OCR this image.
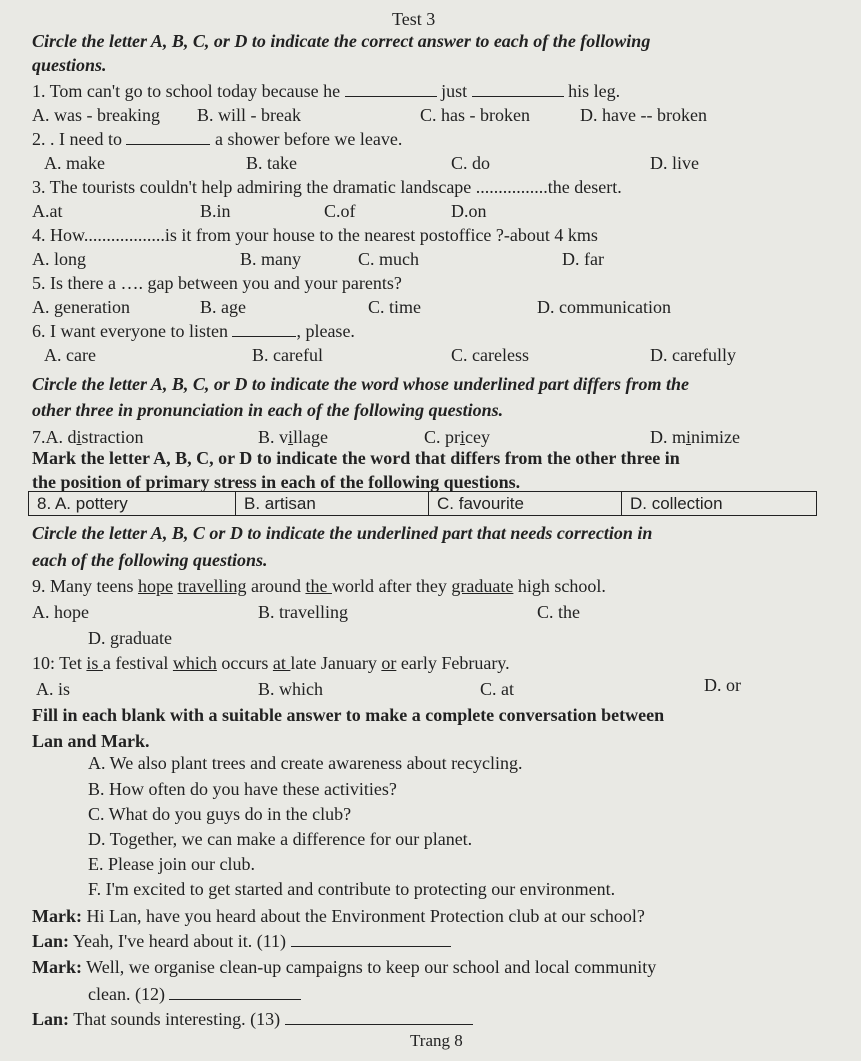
Test 3
Circle the letter A, B, C, or D to indicate the correct answer to each of the following
questions.
1. Tom can't go to school today because he	just	his leg.
A. was - breaking B. will - break	C. has - broken	D. have -- broken
2. . I need to	a shower before we leave.
A. make	B. take	C. do	D. live
3. The tourists couldn't help admiring the dramatic landscape ................the desert.
A.at	B.in	C.of	D.on
4. How..................is it from your house to the nearest postoffice ?-about 4 kms
A. long	B. many	C. much	D. far
5. Is there a …. gap between you and your parents?
A. generation	B. age	C. time	D. communication
6. I want everyone to listen	, please.
A. care	B. careful	C. careless	D. carefully
Circle the letter A, B, C, or D to indicate the word whose underlined part differs from the
other three in pronunciation in each of the following questions.
7.A. distraction	B. village	C. pricey	D. minimize
Mark the letter A, B, C, or D to indicate the word that differs from the other three in
the position of primary stress in each of the following questions.
8. A. pottery	B. artisan	C. favourite	D. collection
Circle the letter A, B, C or D to indicate the underlined part that needs correction in
each of the following questions.
9. Many teens hope travelling around the world after they graduate high school.
A. hope	B. travelling	C. the
D. graduate
10: Tet is a festival which occurs at late January or early February.
A. is	B. which	C. at	D. or
Fill in each blank with a suitable answer to make a complete conversation between
Lan and Mark.
A. We also plant trees and create awareness about recycling.
B. How often do you have these activities?
C. What do you guys do in the club?
D. Together, we can make a difference for our planet.
E. Please join our club.
F. I'm excited to get started and contribute to protecting our environment.
Mark: Hi Lan, have you heard about the Environment Protection club at our school?
Lan: Yeah, I've heard about it. (11)
Mark: Well, we organise clean-up campaigns to keep our school and local community
clean. (12)
Lan: That sounds interesting. (13)
Trang 8
